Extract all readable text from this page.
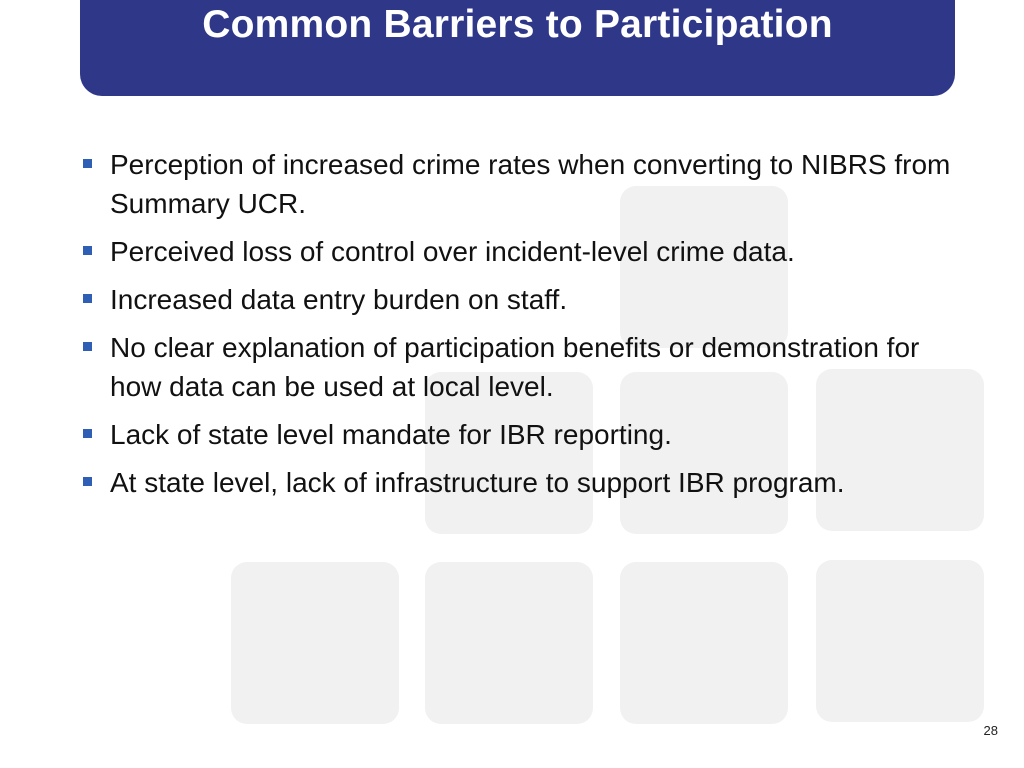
Common Barriers to Participation
Perception of increased crime rates when converting to NIBRS from Summary UCR.
Perceived loss of control over incident-level crime data.
Increased data entry burden on staff.
No clear explanation of participation benefits or demonstration for how data can be used at local level.
Lack of state level mandate for IBR reporting.
At state level, lack of infrastructure to support IBR program.
28
